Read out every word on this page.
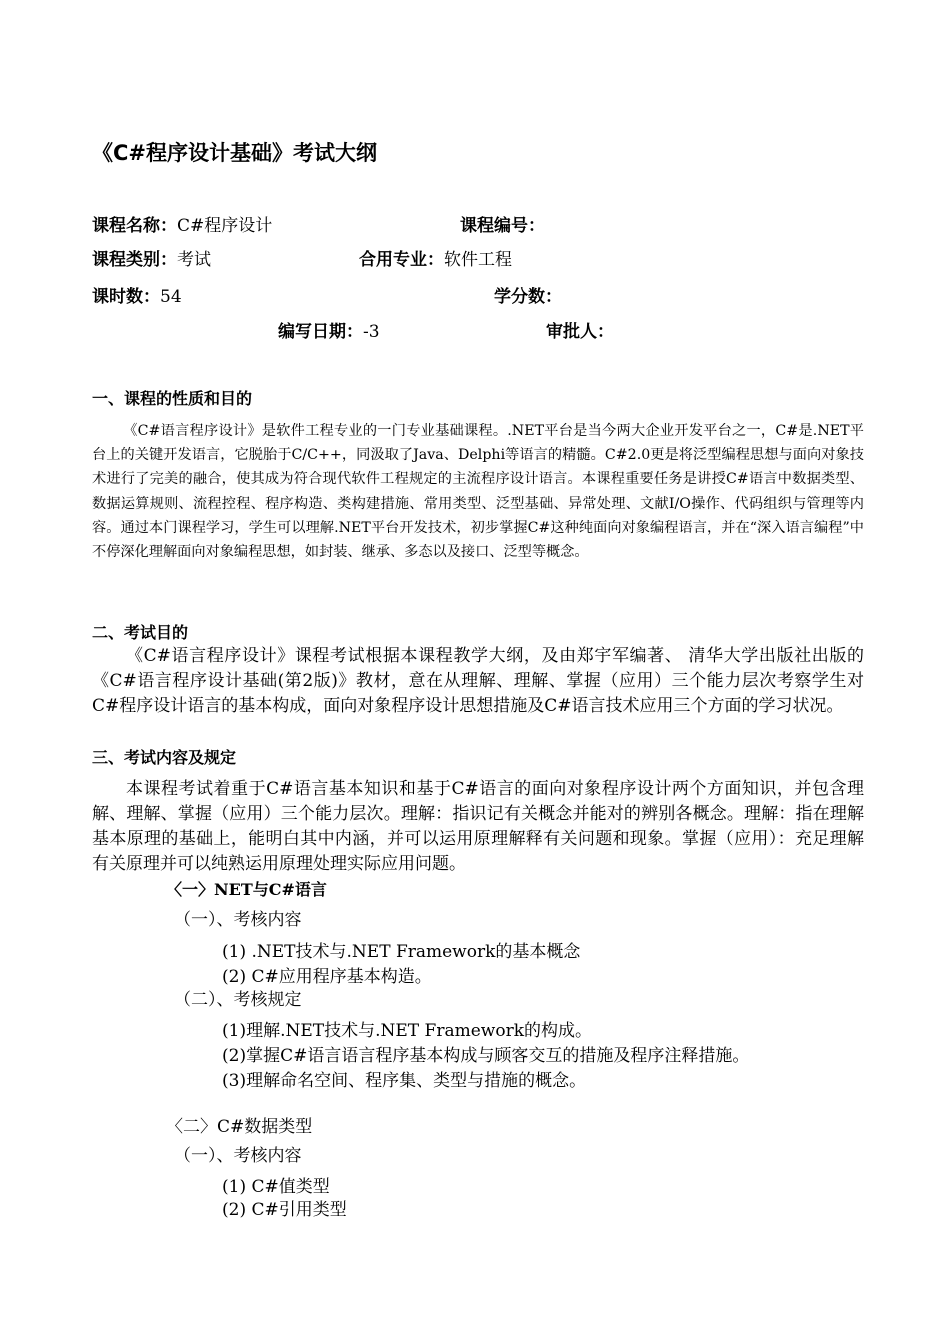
《C#程序设计基础》考试大纲
课程名称：C#程序设计	课程编号：
课程类别：考试	合用专业：软件工程
课时数：54	学分数：
编写日期：-3	审批人：
一、课程的性质和目的
《C#语言程序设计》是软件工程专业的一门专业基础课程。.NET平台是当今两大企业开发平台之一，C#是.NET平台上的关键开发语言，它脱胎于C/C++，同汲取了Java、Delphi等语言的精髓。C#2.0更是将泛型编程思想与面向对象技术进行了完美的融合，使其成为符合现代软件工程规定的主流程序设计语言。本课程重要任务是讲授C#语言中数据类型、数据运算规则、流程控程、程序构造、类构建措施、常用类型、泛型基础、异常处理、文献I/O操作、代码组织与管理等内容。通过本门课程学习，学生可以理解.NET平台开发技术，初步掌握C#这种纯面向对象编程语言，并在“深入语言编程”中不停深化理解面向对象编程思想，如封装、继承、多态以及接口、泛型等概念。
二、考试目的
《C#语言程序设计》课程考试根据本课程教学大纲，及由郑宇军编著、 清华大学出版社出版的《C#语言程序设计基础(第2版)》教材，意在从理解、理解、掌握（应用）三个能力层次考察学生对C#程序设计语言的基本构成，面向对象程序设计思想措施及C#语言技术应用三个方面的学习状况。
三、考试内容及规定
本课程考试着重于C#语言基本知识和基于C#语言的面向对象程序设计两个方面知识，并包含理解、理解、掌握（应用）三个能力层次。理解：指识记有关概念并能对的辨别各概念。理解：指在理解基本原理的基础上，能明白其中内涵，并可以运用原理解释有关问题和现象。掌握（应用）：充足理解有关原理并可以纯熟运用原理处理实际应用问题。
〈一〉NET与C#语言
（一）、考核内容
(1) .NET技术与.NET Framework的基本概念
(2) C#应用程序基本构造。
（二）、考核规定
(1)理解.NET技术与.NET Framework的构成。
(2)掌握C#语言语言程序基本构成与顾客交互的措施及程序注释措施。
(3)理解命名空间、程序集、类型与措施的概念。
〈二〉C#数据类型
（一）、考核内容
(1) C#值类型
(2) C#引用类型
